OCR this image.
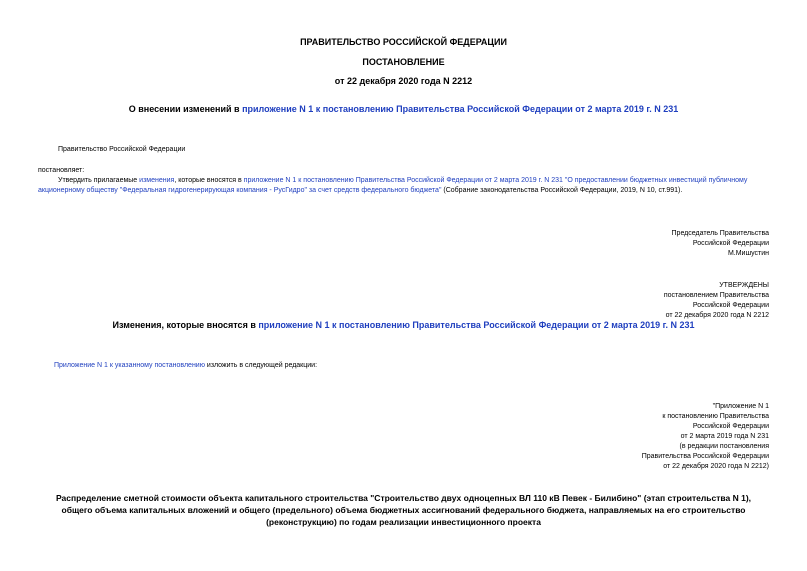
ПРАВИТЕЛЬСТВО РОССИЙСКОЙ ФЕДЕРАЦИИ
ПОСТАНОВЛЕНИЕ
от 22 декабря 2020 года N 2212
О внесении изменений в приложение N 1 к постановлению Правительства Российской Федерации от 2 марта 2019 г. N 231
Правительство Российской Федерации
постановляет:
Утвердить прилагаемые изменения, которые вносятся в приложение N 1 к постановлению Правительства Российской Федерации от 2 марта 2019 г. N 231 "О предоставлении бюджетных инвестиций публичному акционерному обществу "Федеральная гидрогенерирующая компания - РусГидро" за счет средств федерального бюджета" (Собрание законодательства Российской Федерации, 2019, N 10, ст.991).
Председатель Правительства
Российской Федерации
М.Мишустин
УТВЕРЖДЕНЫ
постановлением Правительства
Российской Федерации
от 22 декабря 2020 года N 2212
Изменения, которые вносятся в приложение N 1 к постановлению Правительства Российской Федерации от 2 марта 2019 г. N 231
Приложение N 1 к указанному постановлению изложить в следующей редакции:
"Приложение N 1
к постановлению Правительства
Российской Федерации
от 2 марта 2019 года N 231
(в редакции постановления
Правительства Российской Федерации
от 22 декабря 2020 года N 2212)
Распределение сметной стоимости объекта капитального строительства "Строительство двух одноцепных ВЛ 110 кВ Певек - Билибино" (этап строительства N 1),
общего объема капитальных вложений и общего (предельного) объема бюджетных ассигнований федерального бюджета, направляемых на его строительство
(реконструкцию) по годам реализации инвестиционного проекта
